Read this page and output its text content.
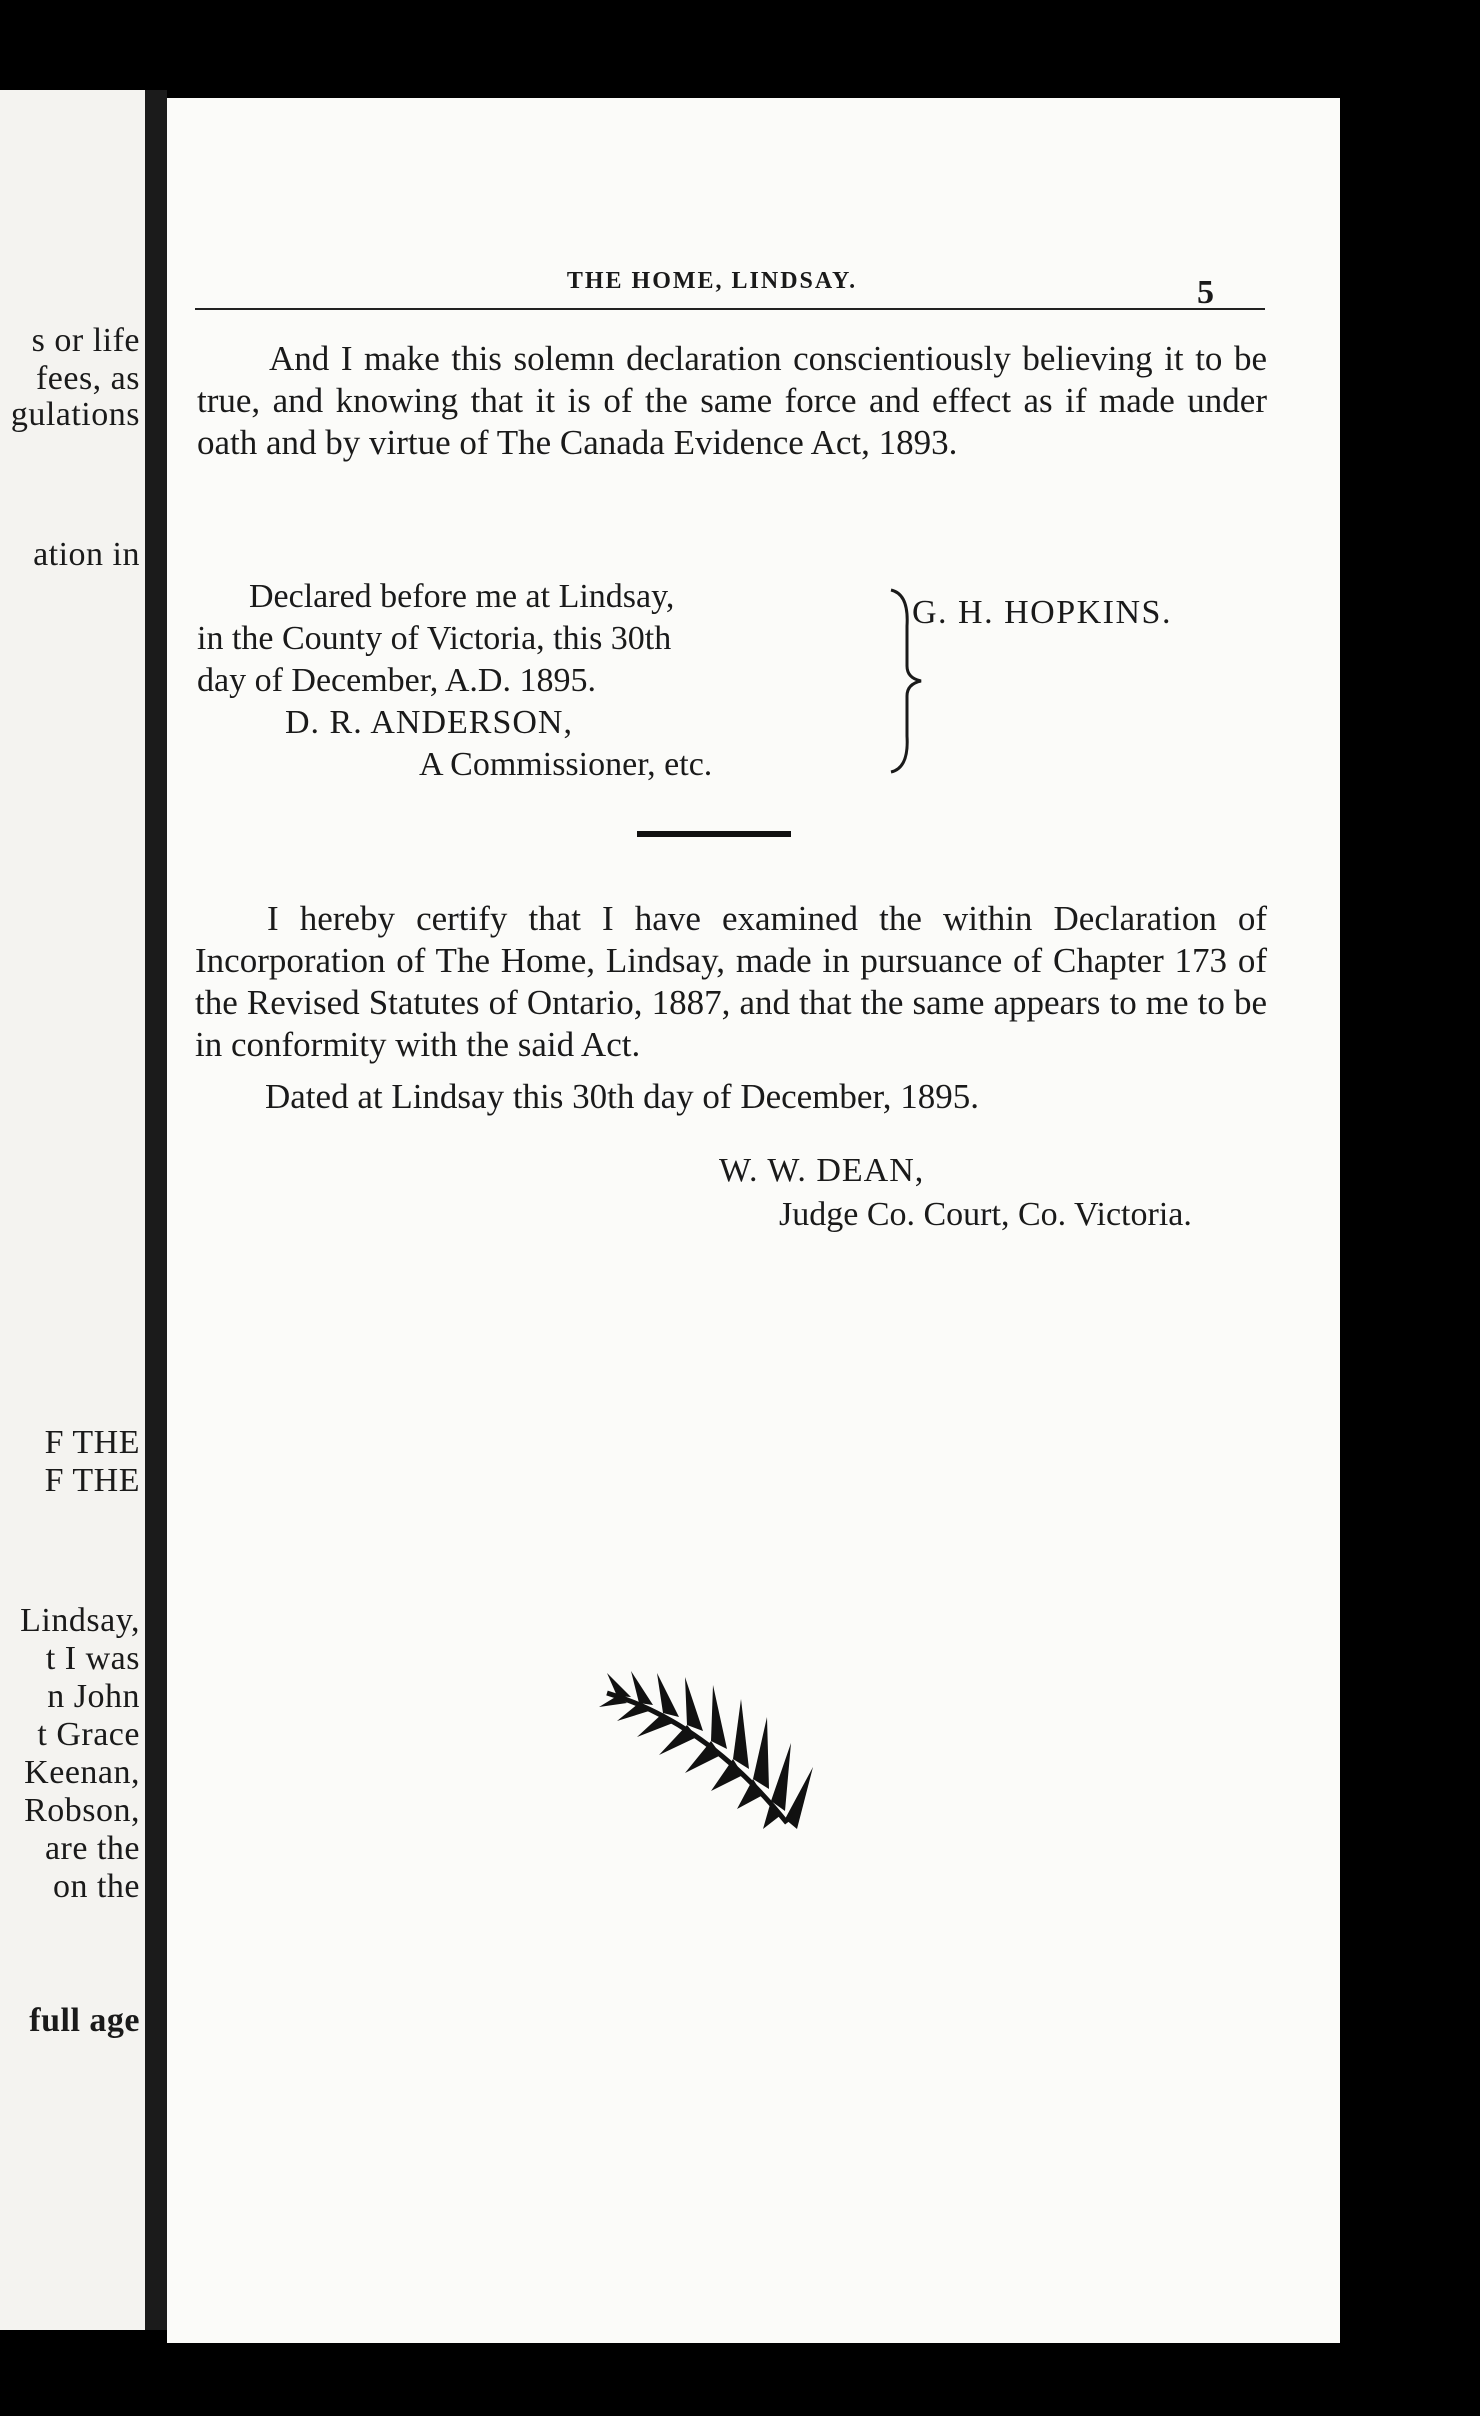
s or life
fees, as
gulations
ation in
F THE
F THE
Lindsay,
t I was
n John
t Grace
Keenan,
Robson,
are the
on the
full age
THE HOME, LINDSAY.	5

And I make this solemn declaration conscientiously believing it to be true, and knowing that it is of the same force and effect as if made under oath and by virtue of The Canada Evidence Act, 1893.

Declared before me at Lindsay,
in the County of Victoria, this 30th
day of December, A.D. 1895.
D. R. ANDERSON,
A Commissioner, etc.
G. H. HOPKINS.

I hereby certify that I have examined the within Declaration of Incorporation of The Home, Lindsay, made in pursuance of Chapter 173 of the Revised Statutes of Ontario, 1887, and that the same appears to me to be in conformity with the said Act.

Dated at Lindsay this 30th day of December, 1895.

W. W. DEAN,
Judge Co. Court, Co. Victoria.
